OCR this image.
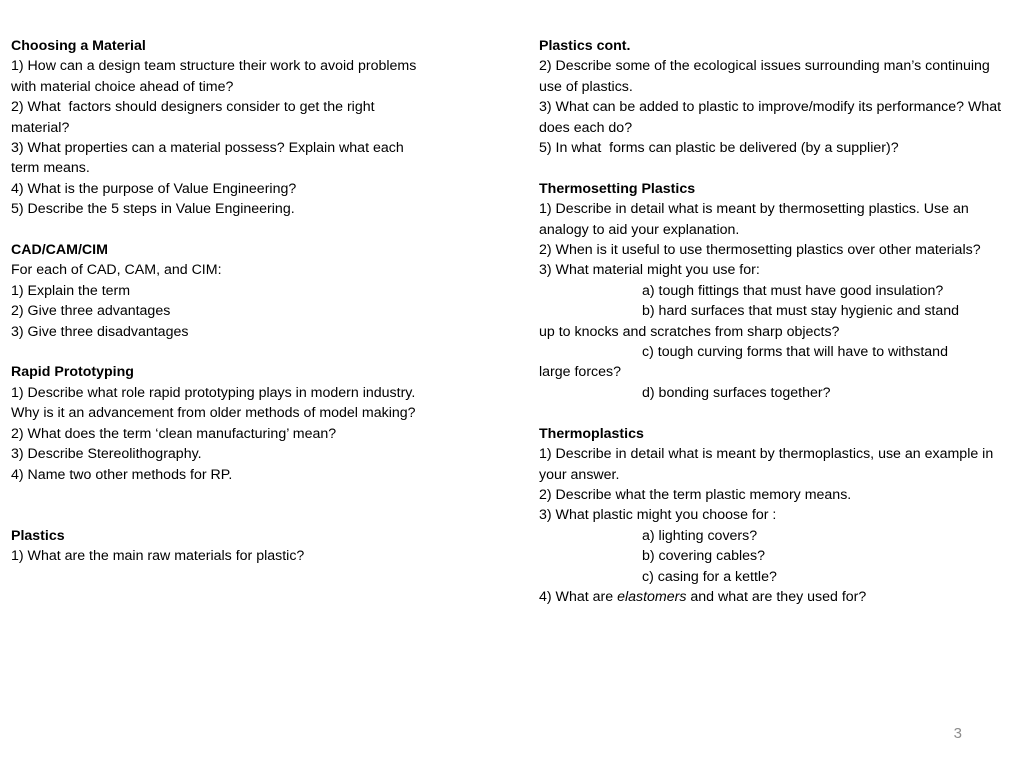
Choosing a Material
1) How can a design team structure their work to avoid problems with material choice ahead of time?
2) What  factors should designers consider to get the right material?
3) What properties can a material possess? Explain what each term means.
4) What is the purpose of Value Engineering?
5) Describe the 5 steps in Value Engineering.
CAD/CAM/CIM
For each of CAD, CAM, and CIM:
1) Explain the term
2) Give three advantages
3) Give three disadvantages
Rapid Prototyping
1) Describe what role rapid prototyping plays in modern industry. Why is it an advancement from older methods of model making?
2) What does the term ‘clean manufacturing’ mean?
3) Describe Stereolithography.
4) Name two other methods for RP.
Plastics
1) What are the main raw materials for plastic?
Plastics cont.
2) Describe some of the ecological issues surrounding man’s continuing use of plastics.
3) What can be added to plastic to improve/modify its performance? What does each do?
5) In what  forms can plastic be delivered (by a supplier)?
Thermosetting Plastics
1) Describe in detail what is meant by thermosetting plastics. Use an analogy to aid your explanation.
2) When is it useful to use thermosetting plastics over other materials?
3) What material might you use for:
a) tough fittings that must have good insulation?
b) hard surfaces that must stay hygienic and stand
up to knocks and scratches from sharp objects?
c) tough curving forms that will have to withstand
large forces?
d) bonding surfaces together?
Thermoplastics
1) Describe in detail what is meant by thermoplastics, use an example in your answer.
2) Describe what the term plastic memory means.
3) What plastic might you choose for :
a) lighting covers?
b) covering cables?
c) casing for a kettle?
4) What are elastomers and what are they used for?
3
